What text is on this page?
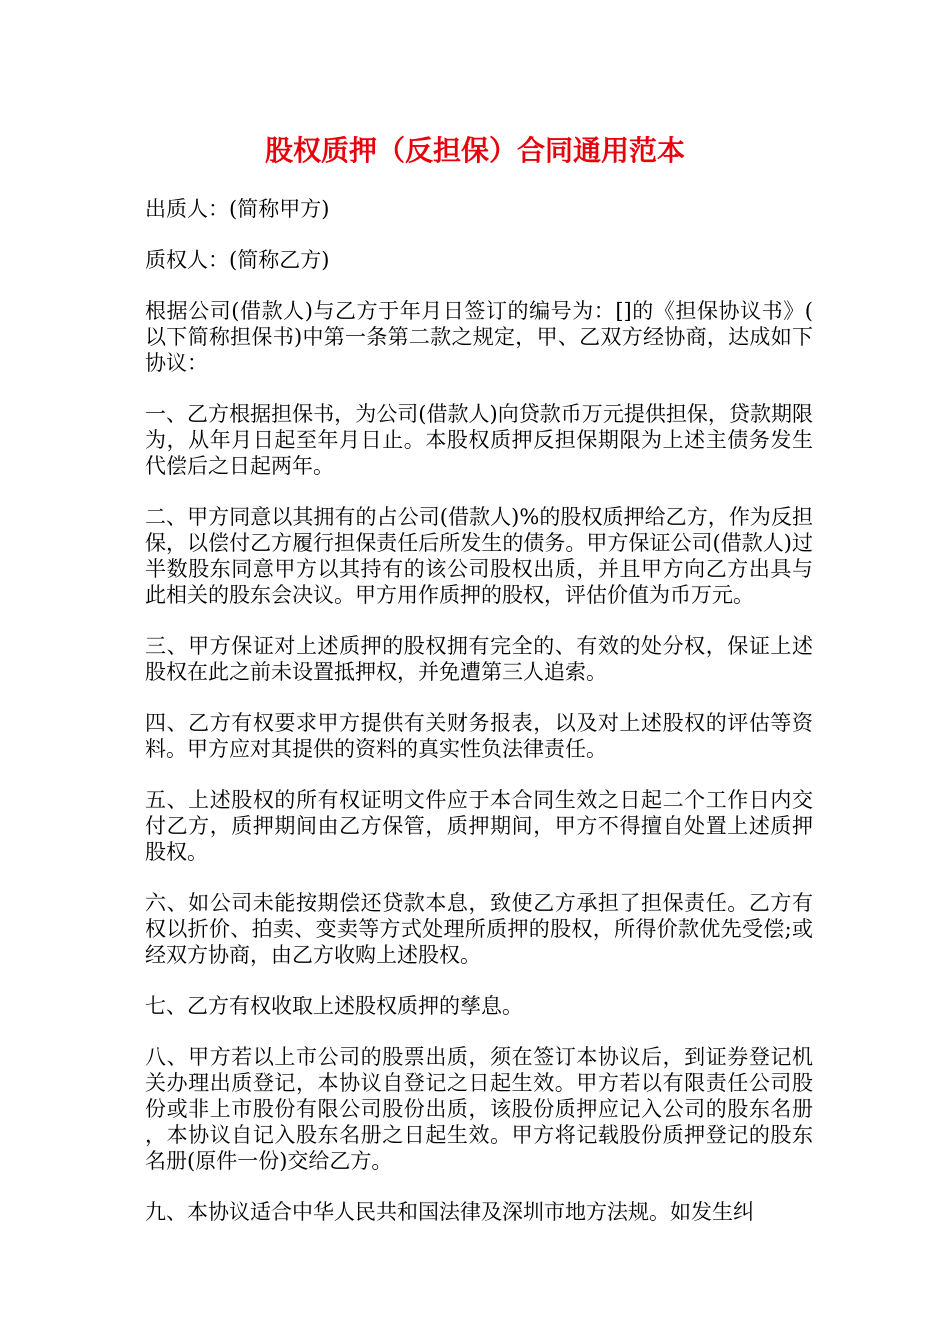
股权质押（反担保）合同通用范本

出质人：(简称甲方)

质权人：(简称乙方)

根据公司(借款人)与乙方于年月日签订的编号为：[]的《担保协议书》(以下简称担保书)中第一条第二款之规定，甲、乙双方经协商，达成如下协议：

一、乙方根据担保书，为公司(借款人)向贷款币万元提供担保，贷款期限为，从年月日起至年月日止。本股权质押反担保期限为上述主债务发生代偿后之日起两年。

二、甲方同意以其拥有的占公司(借款人)%的股权质押给乙方，作为反担保，以偿付乙方履行担保责任后所发生的债务。甲方保证公司(借款人)过半数股东同意甲方以其持有的该公司股权出质，并且甲方向乙方出具与此相关的股东会决议。甲方用作质押的股权，评估价值为币万元。

三、甲方保证对上述质押的股权拥有完全的、有效的处分权，保证上述股权在此之前未设置抵押权，并免遭第三人追索。

四、乙方有权要求甲方提供有关财务报表，以及对上述股权的评估等资料。甲方应对其提供的资料的真实性负法律责任。

五、上述股权的所有权证明文件应于本合同生效之日起二个工作日内交付乙方，质押期间由乙方保管，质押期间，甲方不得擅自处置上述质押股权。

六、如公司未能按期偿还贷款本息，致使乙方承担了担保责任。乙方有权以折价、拍卖、变卖等方式处理所质押的股权，所得价款优先受偿;或经双方协商，由乙方收购上述股权。

七、乙方有权收取上述股权质押的孳息。

八、甲方若以上市公司的股票出质，须在签订本协议后，到证券登记机关办理出质登记，本协议自登记之日起生效。甲方若以有限责任公司股份或非上市股份有限公司股份出质，该股份质押应记入公司的股东名册，本协议自记入股东名册之日起生效。甲方将记载股份质押登记的股东名册(原件一份)交给乙方。

九、本协议适合中华人民共和国法律及深圳市地方法规。如发生纠
